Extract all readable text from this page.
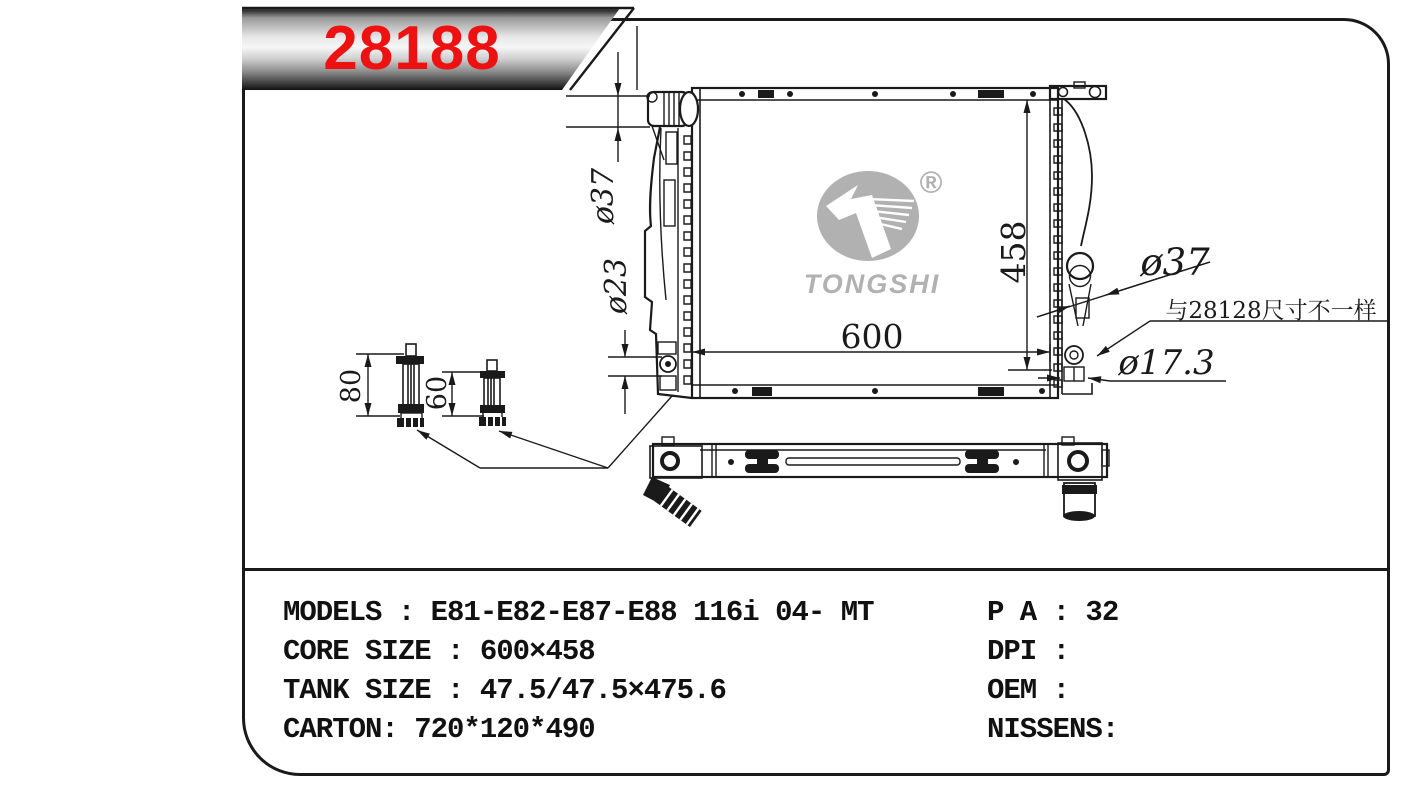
28188
TONGSHI
®
ø37
ø23
458
600
ø37
与28128尺寸不一样
ø17.3
80 60
MODELS : E81-E82-E87-E88 116i 04- MT
CORE SIZE : 600×458
TANK SIZE : 47.5/47.5×475.6
CARTON: 720*120*490
P A : 32
DPI :
OEM :
NISSENS:
